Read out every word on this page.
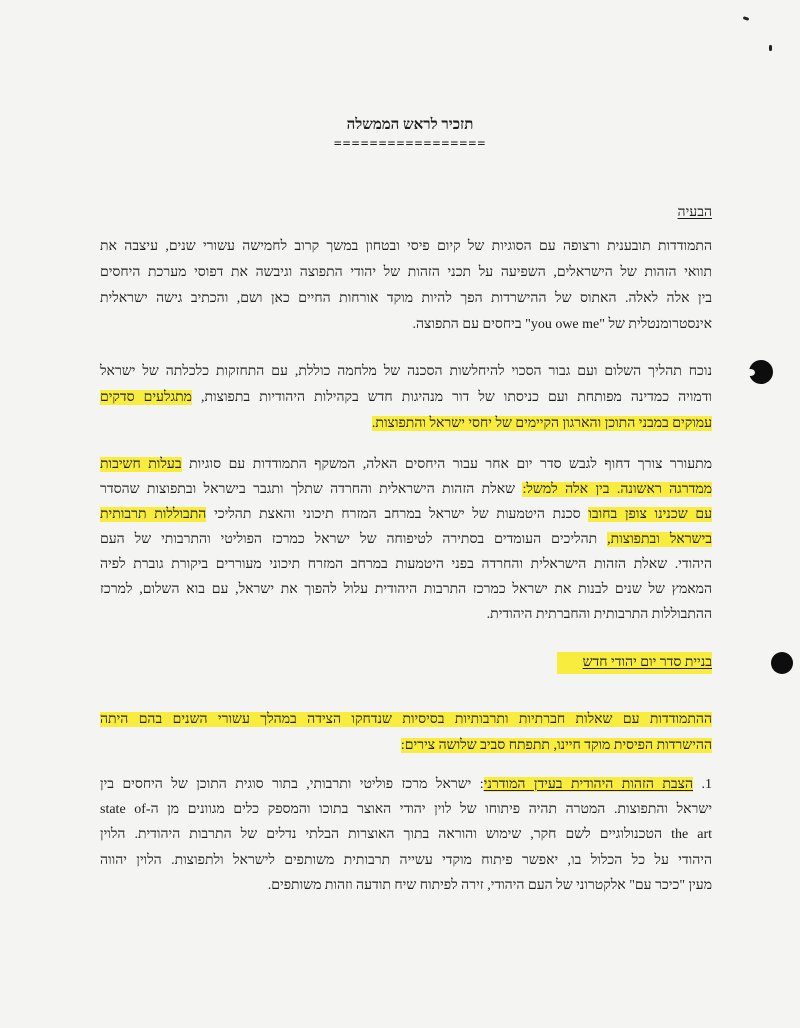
תזכיר לראש הממשלה
=================
הבעיה
התמודדות תובענית ורצופה עם הסוגיות של קיום פיסי ובטחון במשך קרוב לחמישה עשורי שנים, עיצבה את
תוואי הזהות של הישראלים, השפיעה על תכני הזהות של יהודי התפוצה וגיבשה את דפוסי מערכת היחסים
בין אלה לאלה. האתוס של ההישרדות הפך להיות מוקד אורחות החיים כאן ושם, והכתיב גישה ישראלית
אינסטרומנטלית של "you owe me" ביחסים עם התפוצה.
נוכח תהליך השלום ועם גבור הסכוי להיחלשות הסכנה של מלחמה כוללת, עם התחזקות כלכלתה של ישראל
ודמויה כמדינה מפותחת ועם כניסתו של דור מנהיגות חדש בקהילות היהודיות בתפוצות, מתגלעים סדקים
עמוקים במבני התוכן והארגון הקיימים של יחסי ישראל והתפוצות.
מתעורר צורך דחוף לגבש סדר יום אחר עבור היחסים האלה, המשקף התמודדות עם סוגיות בעלות חשיבות
ממדרגה ראשונה. בין אלה למשל: שאלת הזהות הישראלית והחרדה שתלך ותגבר בישראל ובתפוצות שהסדר
עם שכנינו צופן בחובו סכנת היטמעות של ישראל במרחב המזרח תיכוני והאצת תהליכי התבוללות תרבותית
בישראל ובתפוצות, תהליכים העומדים בסתירה לטיפוחה של ישראל כמרכז הפוליטי והתרבותי של העם
היהודי. שאלת הזהות הישראלית והחרדה בפני היטמעות במרחב המזרח תיכוני מעוררים ביקורת גוברת לפיה
המאמץ של שנים לבנות את ישראל כמרכז התרבות היהודית עלול להפוך את ישראל, עם בוא השלום, למרכז
ההתבוללות התרבותית והחברתית היהודית.
בניית סדר יום יהודי חדש
ההתמודדות עם שאלות חברתיות ותרבותיות בסיסיות שנדחקו הצידה במהלך עשורי השנים בהם היתה
ההישרדות הפיסית מוקד חיינו, תתפתח סביב שלושה צירים:
1. הצבת הזהות היהודית בעידן המודרני: ישראל מרכז פוליטי ותרבותי, בתור סוגית התוכן של היחסים בין
ישראל והתפוצות. המטרה תהיה פיתוחו של לוין יהודי האוצר בתוכו והמספק כלים מגוונים מן ה-state of
the art הטכנולוגיים לשם חקר, שימוש והוראה בתוך האוצרות הבלתי נדלים של התרבות היהודית. הלוין
היהודי על כל הכלול בו, יאפשר פיתוח מוקדי עשייה תרבותית משותפים לישראל ולתפוצות. הלוין יהווה
מעין "כיכר עם" אלקטרוני של העם היהודי, זירה לפיתוח שיח תודעה וזהות משותפים.
